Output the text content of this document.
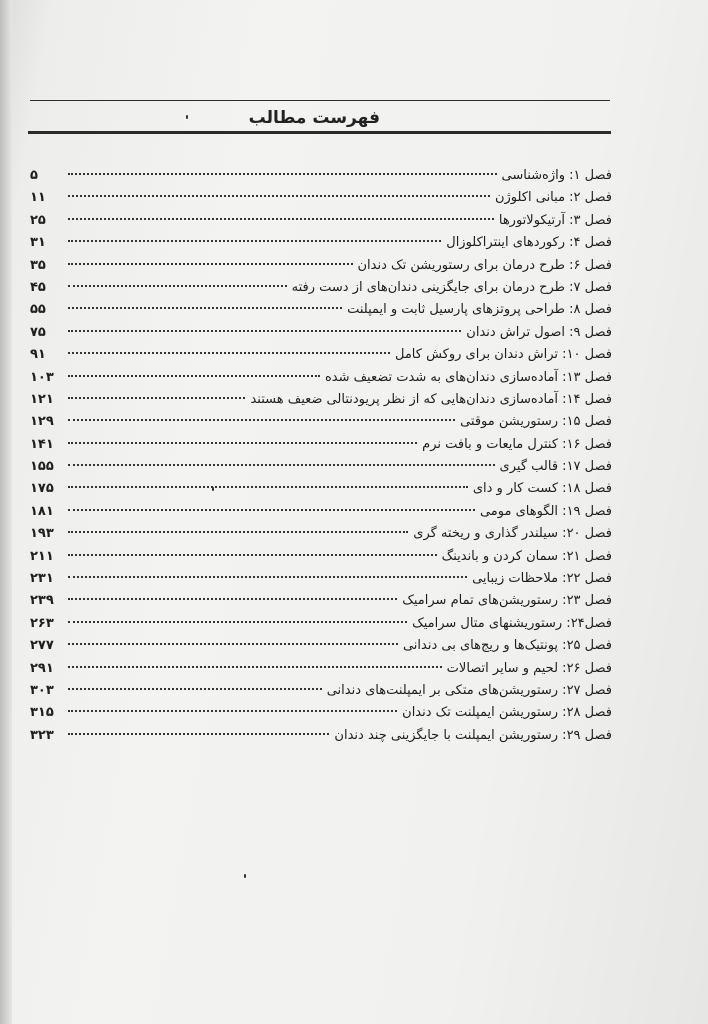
فهرست مطالب
فصل ۱: واژه‌شناسی
۵
فصل ۲: مبانی اکلوژن
۱۱
فصل ۳: آرتیکولاتورها
۲۵
فصل ۴: رکوردهای اینتراکلوزال
۳۱
فصل ۶: طرح درمان برای رستوریشن تک دندان
۳۵
فصل ۷: طرح درمان برای جایگزینی دندان‌های از دست رفته
۴۵
فصل ۸: طراحی پروتزهای پارسیل ثابت و ایمپلنت
۵۵
فصل ۹: اصول تراش دندان
۷۵
فصل ۱۰: تراش دندان برای روکش کامل
۹۱
فصل ۱۳: آماده‌سازی دندان‌های به شدت تضعیف شده
۱۰۳
فصل ۱۴: آماده‌سازی دندان‌هایی که از نظر پریودنتالی ضعیف هستند
۱۲۱
فصل ۱۵: رستوریشن موقتی
۱۲۹
فصل ۱۶: کنترل مایعات و بافت نرم
۱۴۱
فصل ۱۷: قالب گیری
۱۵۵
فصل ۱۸: کست کار و دای
۱۷۵
فصل ۱۹: الگوهای مومی
۱۸۱
فصل ۲۰: سیلندر گذاری و ریخته گری
۱۹۳
فصل ۲۱: سمان کردن و باندینگ
۲۱۱
فصل ۲۲: ملاحظات زیبایی
۲۳۱
فصل ۲۳: رستوریشن‌های تمام سرامیک
۲۳۹
فصل۲۴: رستوریشنهای متال سرامیک
۲۶۳
فصل ۲۵: پونتیک‌ها و ریج‌های بی دندانی
۲۷۷
فصل ۲۶: لحیم و سایر اتصالات
۲۹۱
فصل ۲۷: رستوریشن‌های متکی بر ایمپلنت‌های دندانی
۳۰۳
فصل ۲۸: رستوریشن ایمپلنت تک دندان
۳۱۵
فصل ۲۹: رستوریشن ایمپلنت با جایگزینی چند دندان
۳۲۳
